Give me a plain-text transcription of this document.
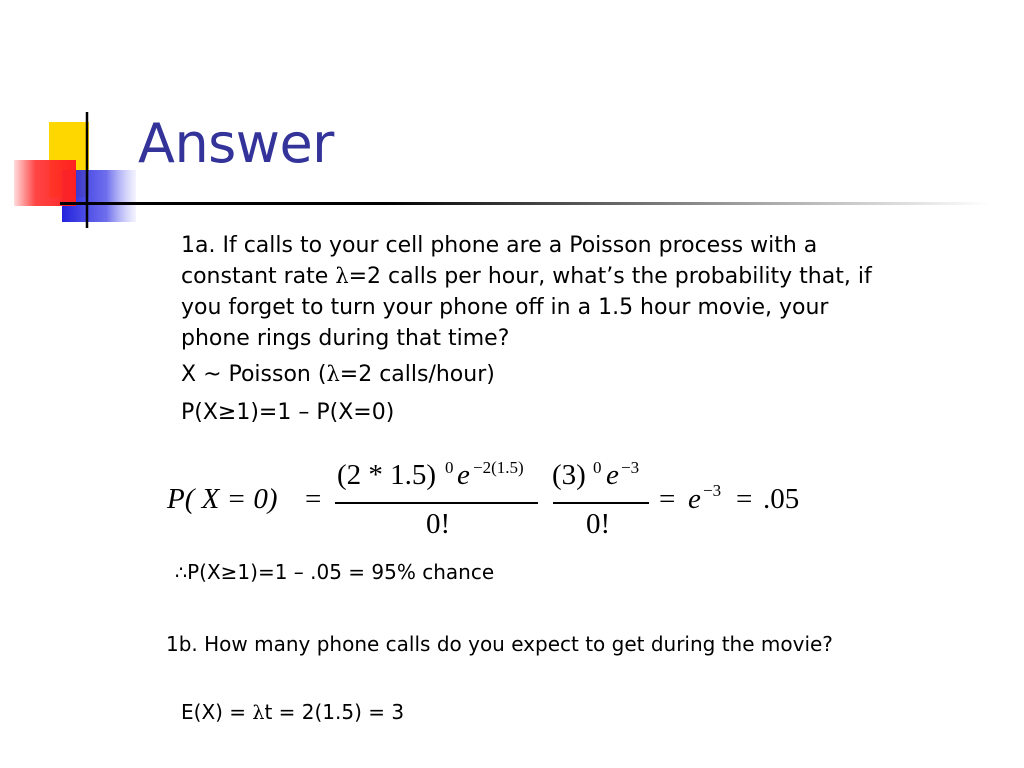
Answer
1a. If calls to your cell phone are a Poisson process with a
constant rate λ=2 calls per hour, what’s the probability that, if
you forget to turn your phone off in a 1.5 hour movie, your
phone rings during that time?
X ~ Poisson (λ=2 calls/hour)
P(X≥1)=1 – P(X=0)
P( X = 0) =
(2 * 1.5) 0 e −2(1.5)
0!
(3) 0 e −3
0!
= e −3 = .05
∴P(X≥1)=1 – .05 = 95% chance
1b. How many phone calls do you expect to get during the movie?
E(X) = λt = 2(1.5) = 3
